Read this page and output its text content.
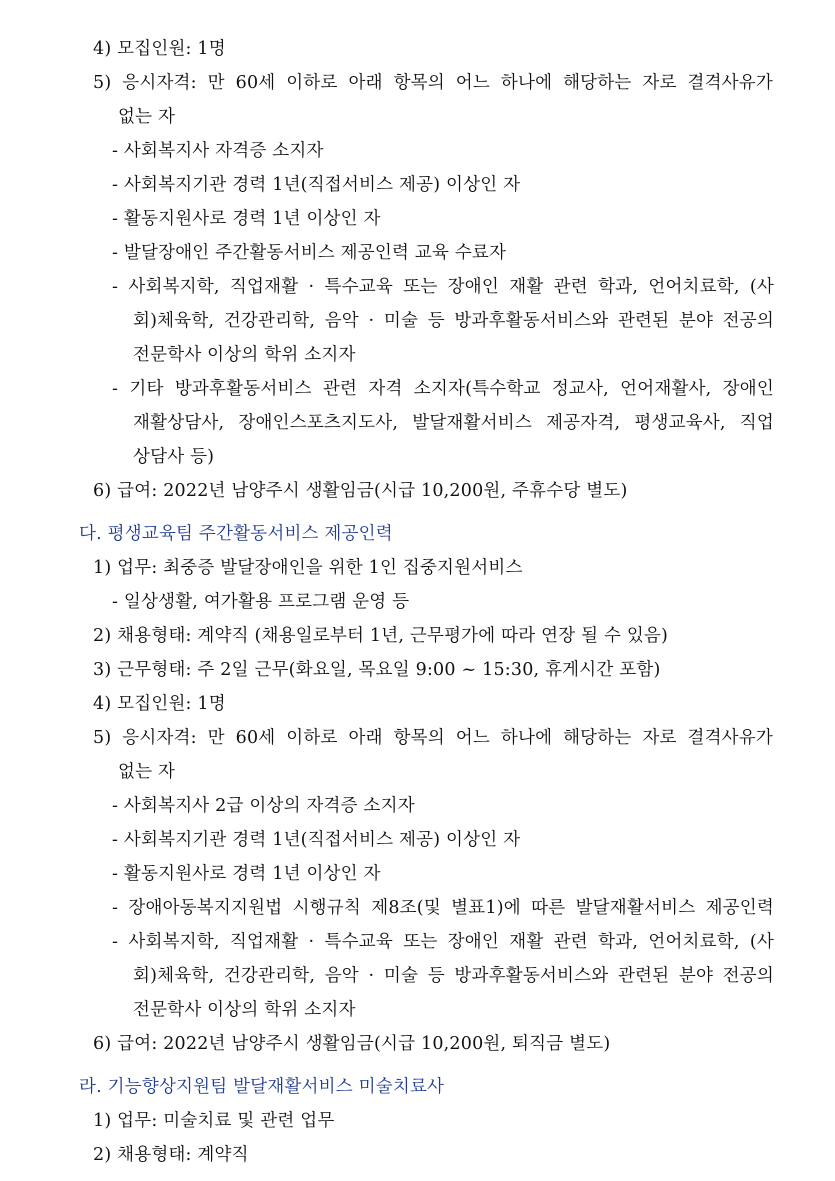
4) 모집인원: 1명
5) 응시자격: 만 60세 이하로 아래 항목의 어느 하나에 해당하는 자로 결격사유가
없는 자
- 사회복지사 자격증 소지자
- 사회복지기관 경력 1년(직접서비스 제공) 이상인 자
- 활동지원사로 경력 1년 이상인 자
- 발달장애인 주간활동서비스 제공인력 교육 수료자
- 사회복지학, 직업재활 · 특수교육 또는 장애인 재활 관련 학과, 언어치료학, (사
회)체육학, 건강관리학, 음악 · 미술 등 방과후활동서비스와 관련된 분야 전공의
전문학사 이상의 학위 소지자
- 기타 방과후활동서비스 관련 자격 소지자(특수학교 정교사, 언어재활사, 장애인
재활상담사, 장애인스포츠지도사, 발달재활서비스 제공자격, 평생교육사, 직업
상담사 등)
6) 급여: 2022년 남양주시 생활임금(시급 10,200원, 주휴수당 별도)
다. 평생교육팀 주간활동서비스 제공인력
1) 업무: 최중증 발달장애인을 위한 1인 집중지원서비스
- 일상생활, 여가활용 프로그램 운영 등
2) 채용형태: 계약직 (채용일로부터 1년, 근무평가에 따라 연장 될 수 있음)
3) 근무형태: 주 2일 근무(화요일, 목요일 9:00 ~ 15:30, 휴게시간 포함)
4) 모집인원: 1명
5) 응시자격: 만 60세 이하로 아래 항목의 어느 하나에 해당하는 자로 결격사유가
없는 자
- 사회복지사 2급 이상의 자격증 소지자
- 사회복지기관 경력 1년(직접서비스 제공) 이상인 자
- 활동지원사로 경력 1년 이상인 자
- 장애아동복지지원법 시행규칙 제8조(및 별표1)에 따른 발달재활서비스 제공인력
- 사회복지학, 직업재활 · 특수교육 또는 장애인 재활 관련 학과, 언어치료학, (사
회)체육학, 건강관리학, 음악 · 미술 등 방과후활동서비스와 관련된 분야 전공의
전문학사 이상의 학위 소지자
6) 급여: 2022년 남양주시 생활임금(시급 10,200원, 퇴직금 별도)
라. 기능향상지원팀 발달재활서비스 미술치료사
1) 업무: 미술치료 및 관련 업무
2) 채용형태: 계약직
